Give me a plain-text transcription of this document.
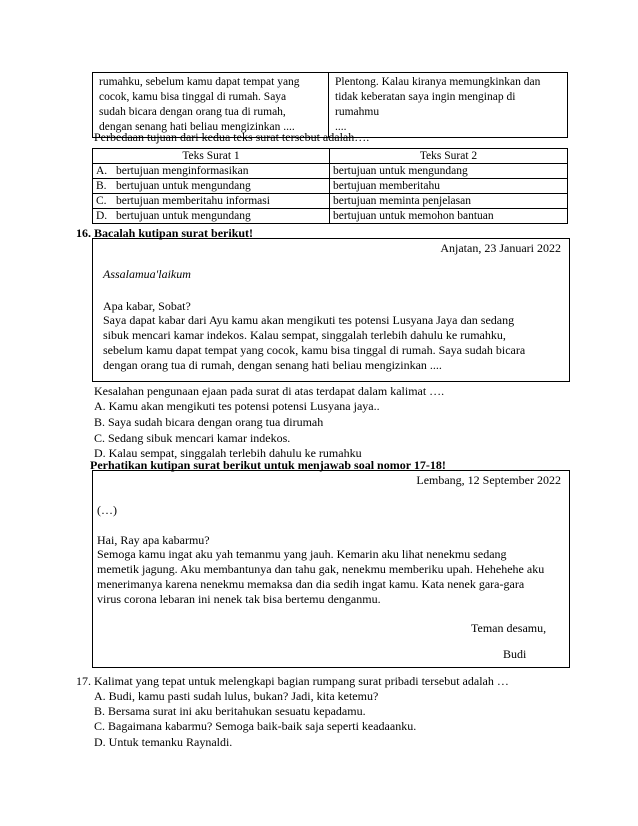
rumahku, sebelum kamu dapat tempat yang
cocok, kamu bisa tinggal di rumah. Saya
sudah bicara dengan orang tua di rumah,
dengan senang hati beliau mengizinkan ....

Plentong. Kalau kiranya memungkinkan dan
tidak keberatan saya ingin menginap di rumahmu
....
Perbedaan tujuan dari kedua teks surat tersebut adalah….
Teks Surat 1	Teks Surat 2
A. bertujuan menginformasikan	bertujuan untuk mengundang
B. bertujuan untuk mengundang	bertujuan memberitahu
C. bertujuan memberitahu informasi	bertujuan meminta penjelasan
D. bertujuan untuk mengundang	bertujuan untuk memohon bantuan
16. Bacalah kutipan surat berikut!
Anjatan, 23 Januari 2022
Assalamua'laikum
Apa kabar, Sobat?
Saya dapat kabar dari Ayu kamu akan mengikuti tes potensi Lusyana Jaya dan sedang
sibuk mencari kamar indekos. Kalau sempat, singgalah terlebih dahulu ke rumahku,
sebelum kamu dapat tempat yang cocok, kamu bisa tinggal di rumah. Saya sudah bicara
dengan orang tua di rumah, dengan senang hati beliau mengizinkan ....
Kesalahan pengunaan ejaan pada surat di atas terdapat dalam kalimat ….
A. Kamu akan mengikuti tes potensi potensi Lusyana jaya..
B. Saya sudah bicara dengan orang tua dirumah
C. Sedang sibuk mencari kamar indekos.
D. Kalau sempat, singgalah terlebih dahulu ke rumahku
Perhatikan kutipan surat berikut untuk menjawab soal nomor 17-18!
Lembang, 12 September 2022
(…)
Hai, Ray apa kabarmu?
Semoga kamu ingat aku yah temanmu yang jauh. Kemarin aku lihat nenekmu sedang
memetik jagung. Aku membantunya dan tahu gak, nenekmu memberiku upah. Hehehehe aku
menerimanya karena nenekmu memaksa dan dia sedih ingat kamu. Kata nenek gara-gara
virus corona lebaran ini nenek tak bisa bertemu denganmu.
Teman desamu,
Budi
17. Kalimat yang tepat untuk melengkapi bagian rumpang surat pribadi tersebut adalah …
A. Budi, kamu pasti sudah lulus, bukan? Jadi, kita ketemu?
B. Bersama surat ini aku beritahukan sesuatu kepadamu.
C. Bagaimana kabarmu? Semoga baik-baik saja seperti keadaanku.
D. Untuk temanku Raynaldi.
